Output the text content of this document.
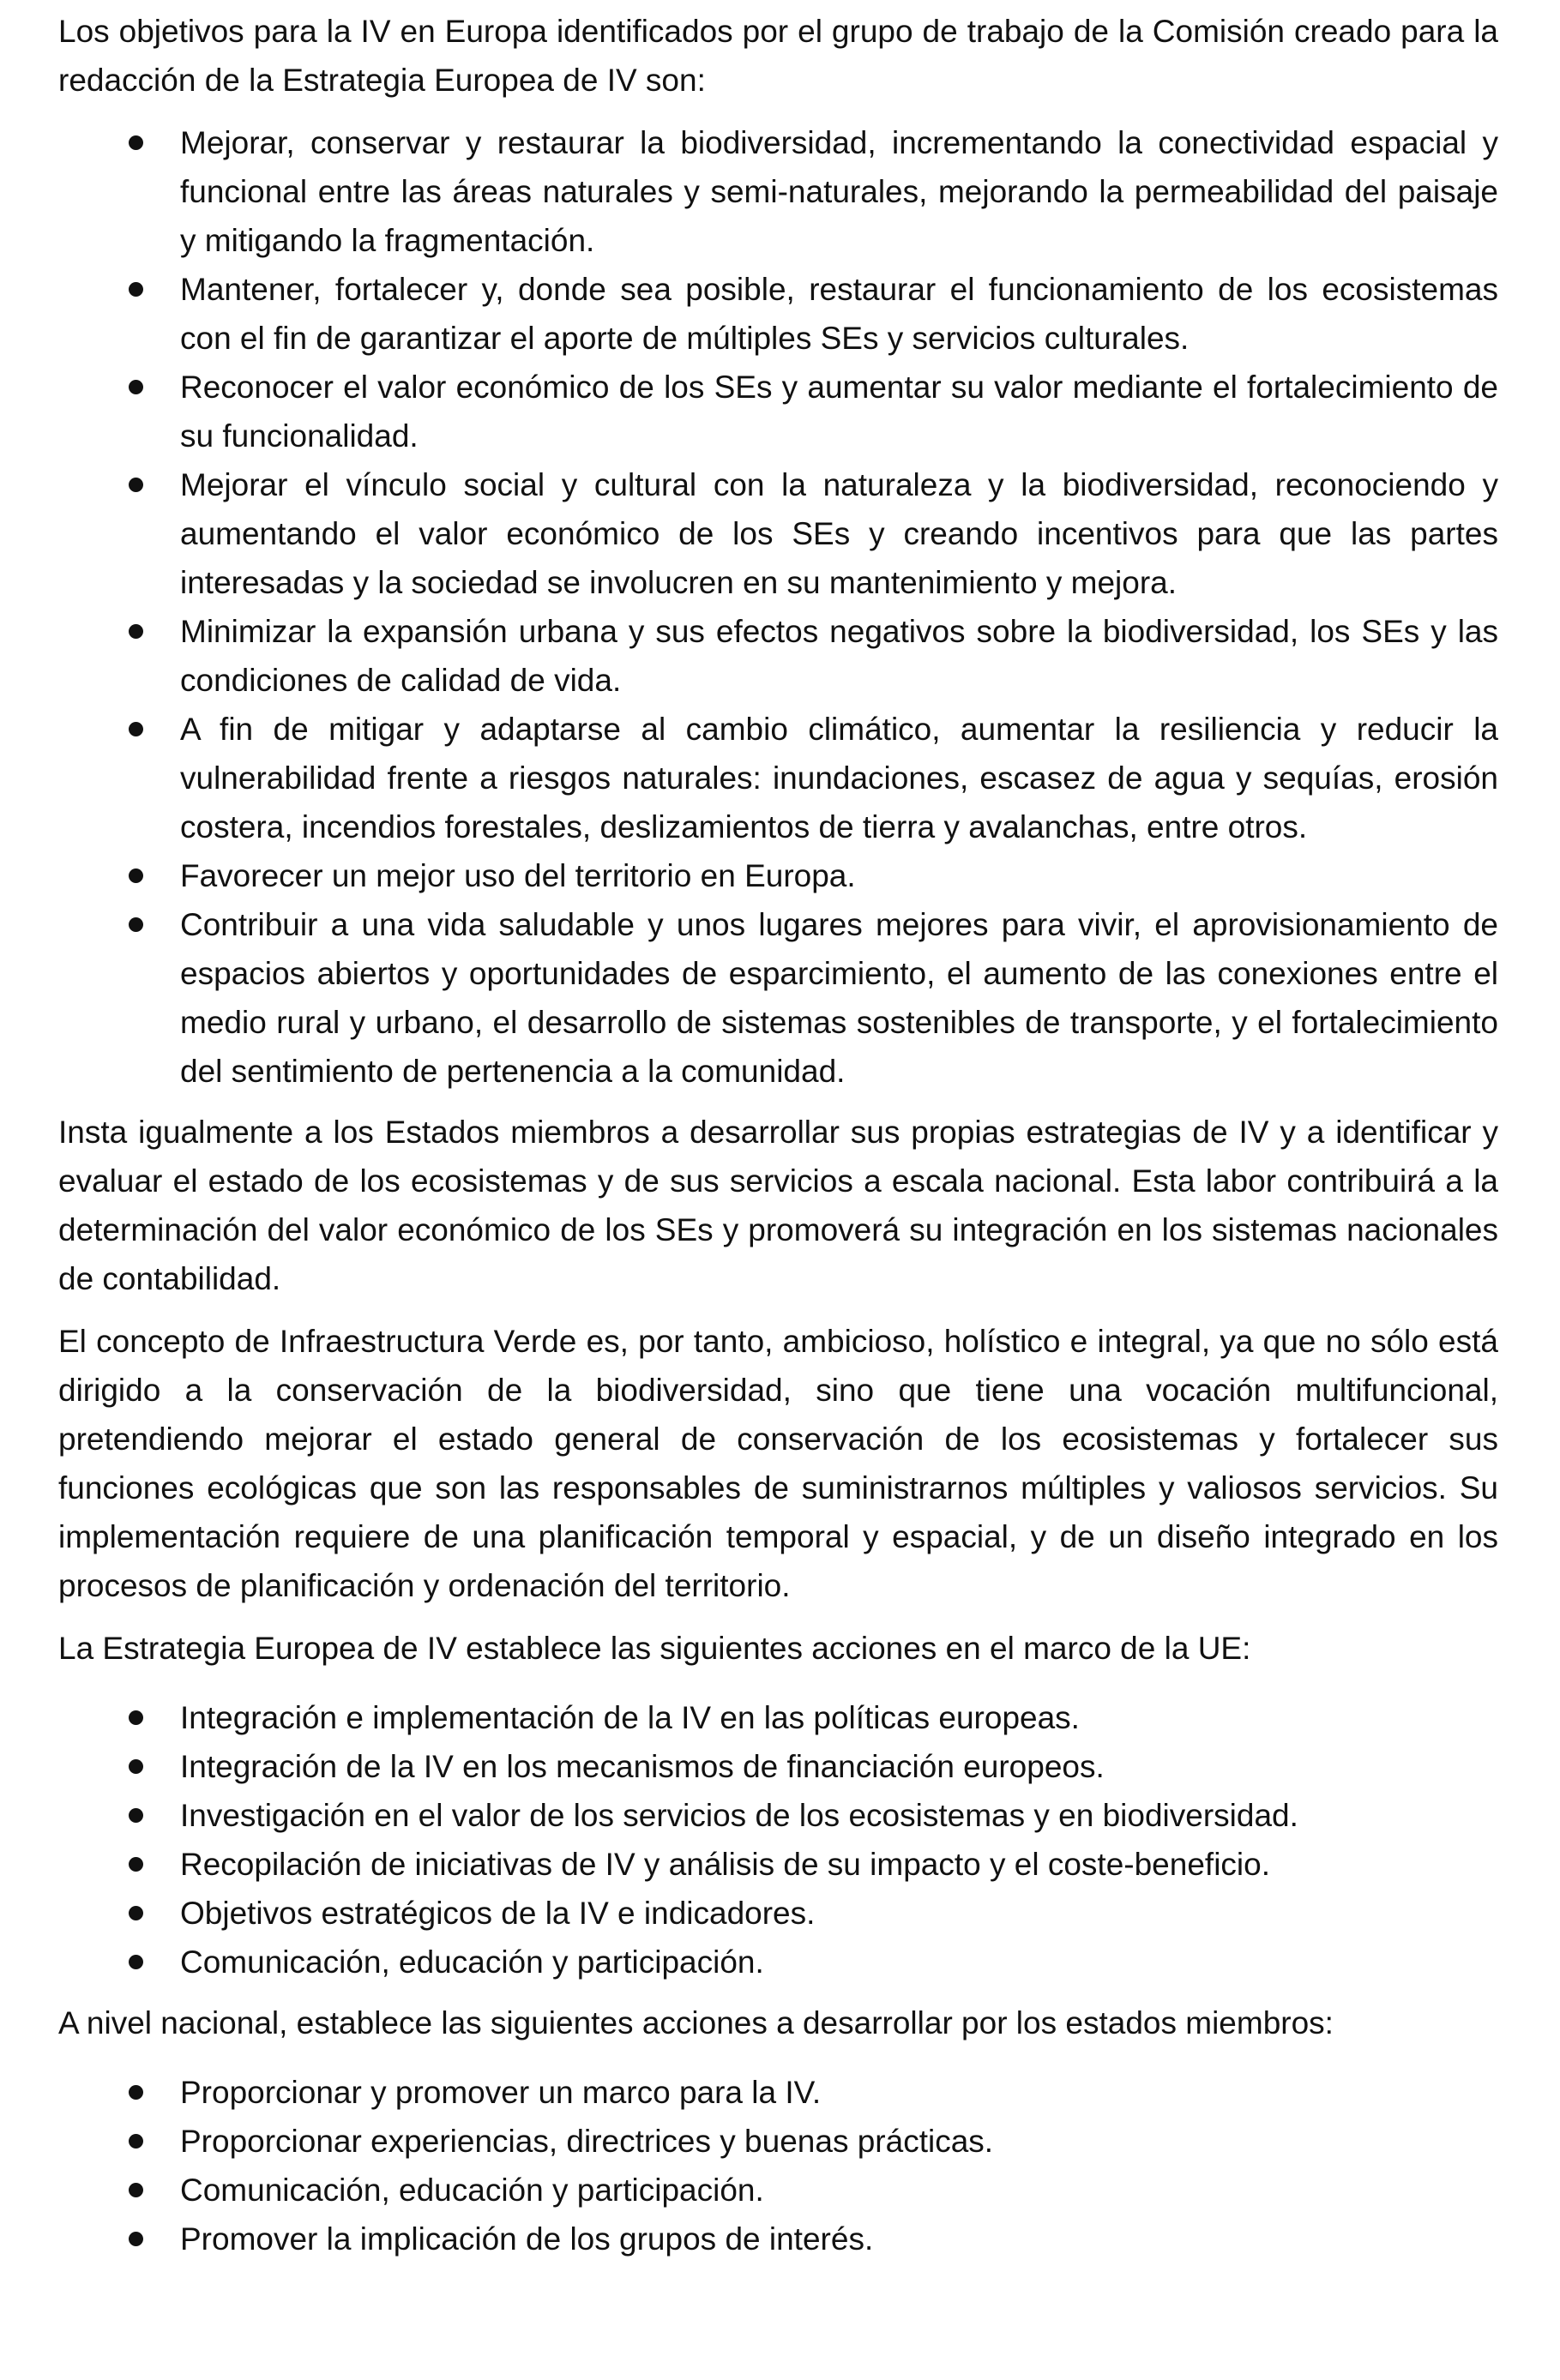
Los objetivos para la IV en Europa identificados por el grupo de trabajo de la Comisión creado para la redacción de la Estrategia Europea de IV son:

Mejorar, conservar y restaurar la biodiversidad, incrementando la conectividad espacial y funcional entre las áreas naturales y semi-naturales, mejorando la permeabilidad del paisaje y mitigando la fragmentación.
Mantener, fortalecer y, donde sea posible, restaurar el funcionamiento de los ecosistemas con el fin de garantizar el aporte de múltiples SEs y servicios culturales.
Reconocer el valor económico de los SEs y aumentar su valor mediante el fortalecimiento de su funcionalidad.
Mejorar el vínculo social y cultural con la naturaleza y la biodiversidad, reconociendo y aumentando el valor económico de los SEs y creando incentivos para que las partes interesadas y la sociedad se involucren en su mantenimiento y mejora.
Minimizar la expansión urbana y sus efectos negativos sobre la biodiversidad, los SEs y las condiciones de calidad de vida.
A fin de mitigar y adaptarse al cambio climático, aumentar la resiliencia y reducir la vulnerabilidad frente a riesgos naturales: inundaciones, escasez de agua y sequías, erosión costera, incendios forestales, deslizamientos de tierra y avalanchas, entre otros.
Favorecer un mejor uso del territorio en Europa.
Contribuir a una vida saludable y unos lugares mejores para vivir, el aprovisionamiento de espacios abiertos y oportunidades de esparcimiento, el aumento de las conexiones entre el medio rural y urbano, el desarrollo de sistemas sostenibles de transporte, y el fortalecimiento del sentimiento de pertenencia a la comunidad.

Insta igualmente a los Estados miembros a desarrollar sus propias estrategias de IV y a identificar y evaluar el estado de los ecosistemas y de sus servicios a escala nacional. Esta labor contribuirá a la determinación del valor económico de los SEs y promoverá su integración en los sistemas nacionales de contabilidad.

El concepto de Infraestructura Verde es, por tanto, ambicioso, holístico e integral, ya que no sólo está dirigido a la conservación de la biodiversidad, sino que tiene una vocación multifuncional, pretendiendo mejorar el estado general de conservación de los ecosistemas y fortalecer sus funciones ecológicas que son las responsables de suministrarnos múltiples y valiosos servicios. Su implementación requiere de una planificación temporal y espacial, y de un diseño integrado en los procesos de planificación y ordenación del territorio.

La Estrategia Europea de IV establece las siguientes acciones en el marco de la UE:

Integración e implementación de la IV en las políticas europeas.
Integración de la IV en los mecanismos de financiación europeos.
Investigación en el valor de los servicios de los ecosistemas y en biodiversidad.
Recopilación de iniciativas de IV y análisis de su impacto y el coste-beneficio.
Objetivos estratégicos de la IV e indicadores.
Comunicación, educación y participación.

A nivel nacional, establece las siguientes acciones a desarrollar por los estados miembros:

Proporcionar y promover un marco para la IV.
Proporcionar experiencias, directrices y buenas prácticas.
Comunicación, educación y participación.
Promover la implicación de los grupos de interés.
